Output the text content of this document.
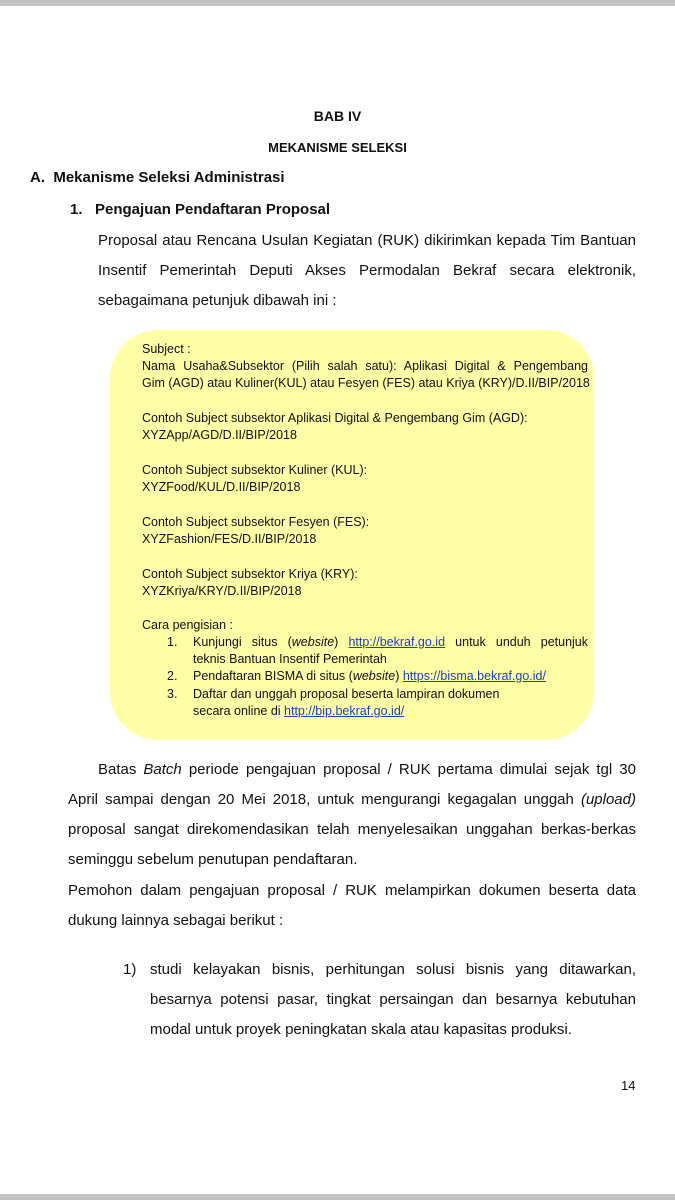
BAB IV
MEKANISME SELEKSI
A.  Mekanisme Seleksi Administrasi
1.   Pengajuan Pendaftaran Proposal
Proposal atau Rencana Usulan Kegiatan (RUK) dikirimkan kepada Tim Bantuan
Insentif Pemerintah Deputi Akses Permodalan Bekraf secara elektronik,
sebagaimana petunjuk dibawah ini :
Subject :
Nama Usaha&Subsektor (Pilih salah satu): Aplikasi Digital & Pengembang
Gim (AGD) atau Kuliner(KUL) atau Fesyen (FES) atau Kriya (KRY)/D.II/BIP/2018
Contoh Subject subsektor Aplikasi Digital & Pengembang Gim (AGD):
XYZApp/AGD/D.II/BIP/2018
Contoh Subject subsektor Kuliner (KUL):
XYZFood/KUL/D.II/BIP/2018
Contoh Subject subsektor Fesyen (FES):
XYZFashion/FES/D.II/BIP/2018
Contoh Subject subsektor Kriya (KRY):
XYZKriya/KRY/D.II/BIP/2018
Cara pengisian :
1. Kunjungi situs (website) http://bekraf.go.id untuk unduh petunjuk
teknis Bantuan Insentif Pemerintah
2. Pendaftaran BISMA di situs (website) https://bisma.bekraf.go.id/
3. Daftar dan unggah proposal beserta lampiran dokumen
secara online di http://bip.bekraf.go.id/
Batas Batch periode pengajuan proposal / RUK pertama dimulai sejak tgl 30
April sampai dengan 20 Mei 2018, untuk mengurangi kegagalan unggah (upload)
proposal sangat direkomendasikan telah menyelesaikan unggahan berkas-berkas
seminggu sebelum penutupan pendaftaran.
Pemohon dalam pengajuan proposal / RUK melampirkan dokumen beserta data
dukung lainnya sebagai berikut :
1) studi kelayakan bisnis, perhitungan solusi bisnis yang ditawarkan,
besarnya potensi pasar, tingkat persaingan dan besarnya kebutuhan
modal untuk proyek peningkatan skala atau kapasitas produksi.
14
